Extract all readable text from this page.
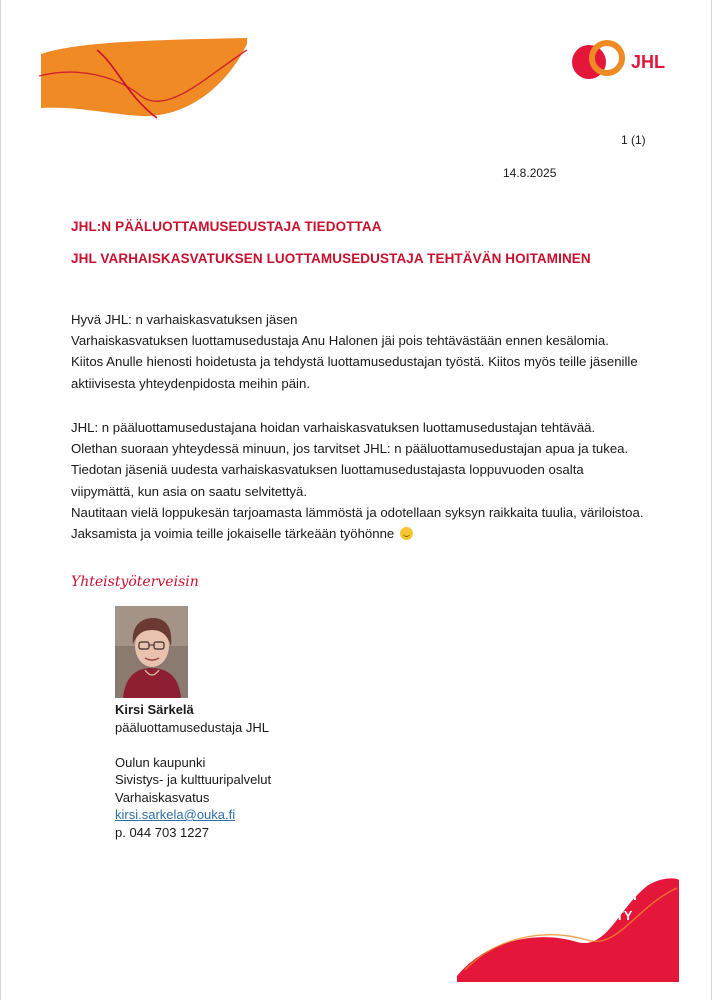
JHL
1 (1)
14.8.2025
JHL:N PÄÄLUOTTAMUSEDUSTAJA TIEDOTTAA
JHL VARHAISKASVATUKSEN LUOTTAMUSEDUSTAJA TEHTÄVÄN HOITAMINEN
Hyvä JHL: n varhaiskasvatuksen jäsen
Varhaiskasvatuksen luottamusedustaja Anu Halonen jäi pois tehtävästään ennen kesälomia.
Kiitos Anulle hienosti hoidetusta ja tehdystä luottamusedustajan työstä. Kiitos myös teille jäsenille
aktiivisesta yhteydenpidosta meihin päin.
JHL: n pääluottamusedustajana hoidan varhaiskasvatuksen luottamusedustajan tehtävää.
Olethan suoraan yhteydessä minuun, jos tarvitset JHL: n pääluottamusedustajan apua ja tukea.
Tiedotan jäseniä uudesta varhaiskasvatuksen luottamusedustajasta loppuvuoden osalta
viipymättä, kun asia on saatu selvitettyä.
Nautitaan vielä loppukesän tarjoamasta lämmöstä ja odotellaan syksyn raikkaita tuulia, väriloistoa.
Jaksamista ja voimia teille jokaiselle tärkeään työhönne
Yhteistyöterveisin
Kirsi Särkelä
pääluottamusedustaja JHL
Oulun kaupunki
Sivistys- ja kulttuuripalvelut
Varhaiskasvatus
kirsi.sarkela@ouka.fi
p. 044 703 1227
JHL.FI
/LIITY
